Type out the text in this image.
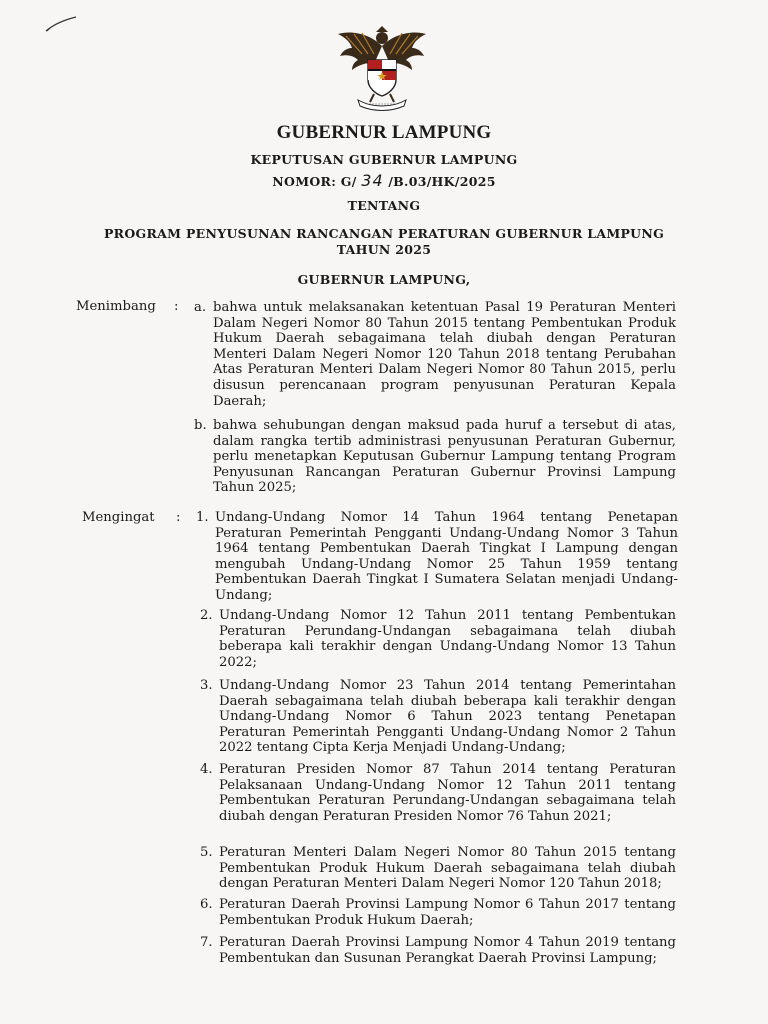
GUBERNUR LAMPUNG
KEPUTUSAN GUBERNUR LAMPUNG
NOMOR: G/ 34 /B.03/HK/2025
TENTANG
PROGRAM PENYUSUNAN RANCANGAN PERATURAN GUBERNUR LAMPUNG
TAHUN 2025
GUBERNUR LAMPUNG,
Menimbang : a. bahwa untuk melaksanakan ketentuan Pasal 19 Peraturan Menteri Dalam Negeri Nomor 80 Tahun 2015 tentang Pembentukan Produk Hukum Daerah sebagaimana telah diubah dengan Peraturan Menteri Dalam Negeri Nomor 120 Tahun 2018 tentang Perubahan Atas Peraturan Menteri Dalam Negeri Nomor 80 Tahun 2015, perlu disusun perencanaan program penyusunan Peraturan Kepala Daerah;
b. bahwa sehubungan dengan maksud pada huruf a tersebut di atas, dalam rangka tertib administrasi penyusunan Peraturan Gubernur, perlu menetapkan Keputusan Gubernur Lampung tentang Program Penyusunan Rancangan Peraturan Gubernur Provinsi Lampung Tahun 2025;
Mengingat : 1. Undang-Undang Nomor 14 Tahun 1964 tentang Penetapan Peraturan Pemerintah Pengganti Undang-Undang Nomor 3 Tahun 1964 tentang Pembentukan Daerah Tingkat I Lampung dengan mengubah Undang-Undang Nomor 25 Tahun 1959 tentang Pembentukan Daerah Tingkat I Sumatera Selatan menjadi Undang-Undang;
2. Undang-Undang Nomor 12 Tahun 2011 tentang Pembentukan Peraturan Perundang-Undangan sebagaimana telah diubah beberapa kali terakhir dengan Undang-Undang Nomor 13 Tahun 2022;
3. Undang-Undang Nomor 23 Tahun 2014 tentang Pemerintahan Daerah sebagaimana telah diubah beberapa kali terakhir dengan Undang-Undang Nomor 6 Tahun 2023 tentang Penetapan Peraturan Pemerintah Pengganti Undang-Undang Nomor 2 Tahun 2022 tentang Cipta Kerja Menjadi Undang-Undang;
4. Peraturan Presiden Nomor 87 Tahun 2014 tentang Peraturan Pelaksanaan Undang-Undang Nomor 12 Tahun 2011 tentang Pembentukan Peraturan Perundang-Undangan sebagaimana telah diubah dengan Peraturan Presiden Nomor 76 Tahun 2021;
5. Peraturan Menteri Dalam Negeri Nomor 80 Tahun 2015 tentang Pembentukan Produk Hukum Daerah sebagaimana telah diubah dengan Peraturan Menteri Dalam Negeri Nomor 120 Tahun 2018;
6. Peraturan Daerah Provinsi Lampung Nomor 6 Tahun 2017 tentang Pembentukan Produk Hukum Daerah;
7. Peraturan Daerah Provinsi Lampung Nomor 4 Tahun 2019 tentang Pembentukan dan Susunan Perangkat Daerah Provinsi Lampung;
